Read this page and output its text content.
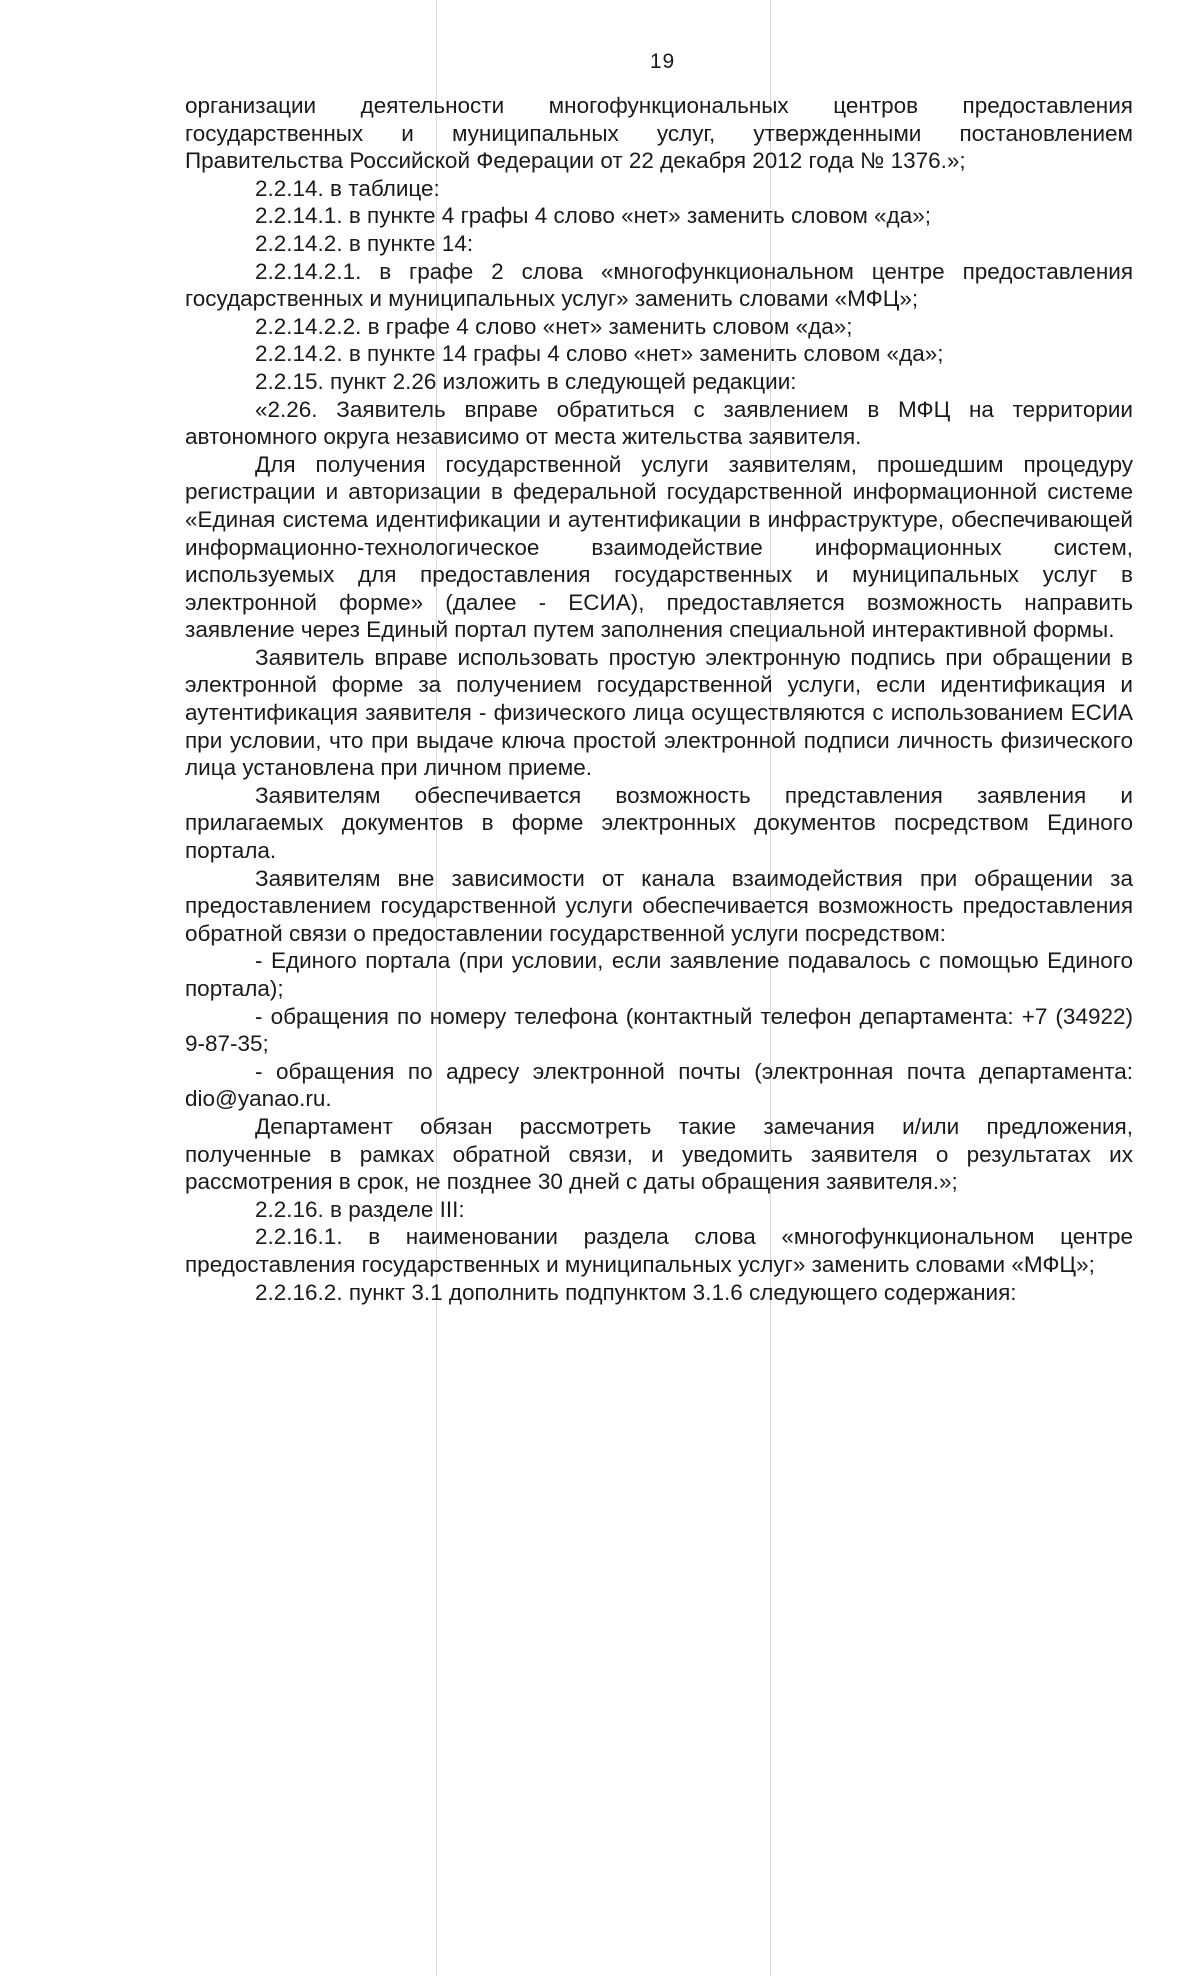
19

организации деятельности многофункциональных центров предоставления государственных и муниципальных услуг, утвержденными постановлением Правительства Российской Федерации от 22 декабря 2012 года № 1376.»;

2.2.14. в таблице:

2.2.14.1. в пункте 4 графы 4 слово «нет» заменить словом «да»;

2.2.14.2. в пункте 14:

2.2.14.2.1. в графе 2 слова «многофункциональном центре предоставления государственных и муниципальных услуг» заменить словами «МФЦ»;

2.2.14.2.2. в графе 4 слово «нет» заменить словом «да»;

2.2.14.2. в пункте 14 графы 4 слово «нет» заменить словом «да»;

2.2.15. пункт 2.26 изложить в следующей редакции:

«2.26. Заявитель вправе обратиться с заявлением в МФЦ на территории автономного округа независимо от места жительства заявителя.

Для получения государственной услуги заявителям, прошедшим процедуру регистрации и авторизации в федеральной государственной информационной системе «Единая система идентификации и аутентификации в инфраструктуре, обеспечивающей информационно-технологическое взаимодействие информационных систем, используемых для предоставления государственных и муниципальных услуг в электронной форме» (далее - ЕСИА), предоставляется возможность направить заявление через Единый портал путем заполнения специальной интерактивной формы.

Заявитель вправе использовать простую электронную подпись при обращении в электронной форме за получением государственной услуги, если идентификация и аутентификация заявителя - физического лица осуществляются с использованием ЕСИА при условии, что при выдаче ключа простой электронной подписи личность физического лица установлена при личном приеме.

Заявителям обеспечивается возможность представления заявления и прилагаемых документов в форме электронных документов посредством Единого портала.

Заявителям вне зависимости от канала взаимодействия при обращении за предоставлением государственной услуги обеспечивается возможность предоставления обратной связи о предоставлении государственной услуги посредством:

- Единого портала (при условии, если заявление подавалось с помощью Единого портала);

- обращения по номеру телефона (контактный телефон департамента: +7 (34922) 9-87-35;

- обращения по адресу электронной почты (электронная почта департамента: dio@yanao.ru.

Департамент обязан рассмотреть такие замечания и/или предложения, полученные в рамках обратной связи, и уведомить заявителя о результатах их рассмотрения в срок, не позднее 30 дней с даты обращения заявителя.»;

2.2.16. в разделе III:

2.2.16.1. в наименовании раздела слова «многофункциональном центре предоставления государственных и муниципальных услуг» заменить словами «МФЦ»;

2.2.16.2. пункт 3.1 дополнить подпунктом 3.1.6 следующего содержания:
